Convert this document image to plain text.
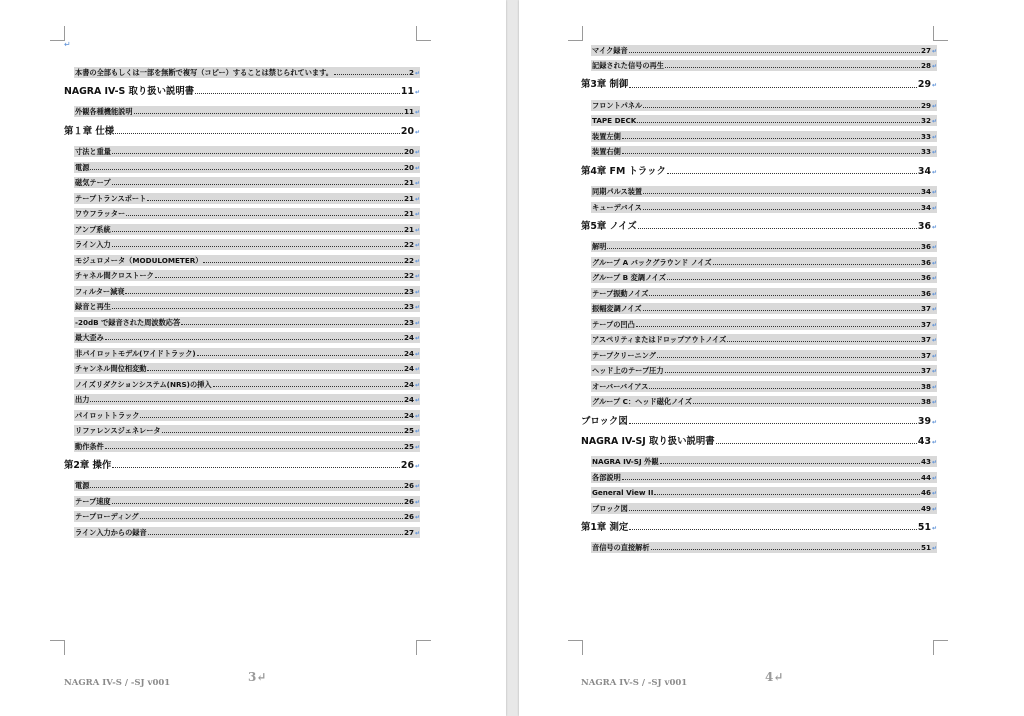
↵
本書の全部もしくは一部を無断で複写（コピー）することは禁じられています。	2 ↵
NAGRA IV-S 取り扱い説明書	11 ↵
外観各種機能説明	11 ↵
第１章 仕様	20 ↵
寸法と重量	20 ↵
電源	20 ↵
磁気テープ	21 ↵
テープトランスポート	21 ↵
ワウフラッター	21 ↵
アンプ系統	21 ↵
ライン入力	22 ↵
モジュロメータ（MODULOMETER）	22 ↵
チャネル間クロストーク	22 ↵
フィルター減衰	23 ↵
録音と再生	23 ↵
-20dB で録音された周波数応答	23 ↵
最大歪み	24 ↵
非パイロットモデル(ワイドトラック)	24 ↵
チャンネル間位相変動	24 ↵
ノイズリダクションシステム(NRS)の挿入	24 ↵
出力	24 ↵
パイロットトラック	24 ↵
リファレンスジェネレータ	25 ↵
動作条件	25 ↵
第2章 操作	26 ↵
電源	26 ↵
テープ速度	26 ↵
テープローディング	26 ↵
ライン入力からの録音	27 ↵
NAGRA IV-S / -SJ v001	3↵
マイク録音	27 ↵
記録された信号の再生	28 ↵
第3章 制御	29 ↵
フロントパネル	29 ↵
TAPE DECK	32 ↵
装置左側	33 ↵
装置右側	33 ↵
第4章 FM トラック	34 ↵
同期パルス装置	34 ↵
キューデバイス	34 ↵
第5章 ノイズ	36 ↵
解明	36 ↵
グループ A バックグラウンド ノイズ	36 ↵
グループ B 変調ノイズ	36 ↵
テープ振動ノイズ	36 ↵
振幅変調ノイズ	37 ↵
テープの凹凸	37 ↵
アスペリティまたはドロップアウトノイズ	37 ↵
テープクリーニング	37 ↵
ヘッド上のテープ圧力	37 ↵
オーバーバイアス	38 ↵
グループ C：ヘッド磁化ノイズ	38 ↵
ブロック図	39 ↵
NAGRA IV-SJ 取り扱い説明書	43 ↵
NAGRA IV-SJ 外観	43 ↵
各部説明	44 ↵
General View II	46 ↵
ブロック図	49 ↵
第1章 測定	51 ↵
音信号の直接解析	51 ↵
NAGRA IV-S / -SJ v001	4↵
